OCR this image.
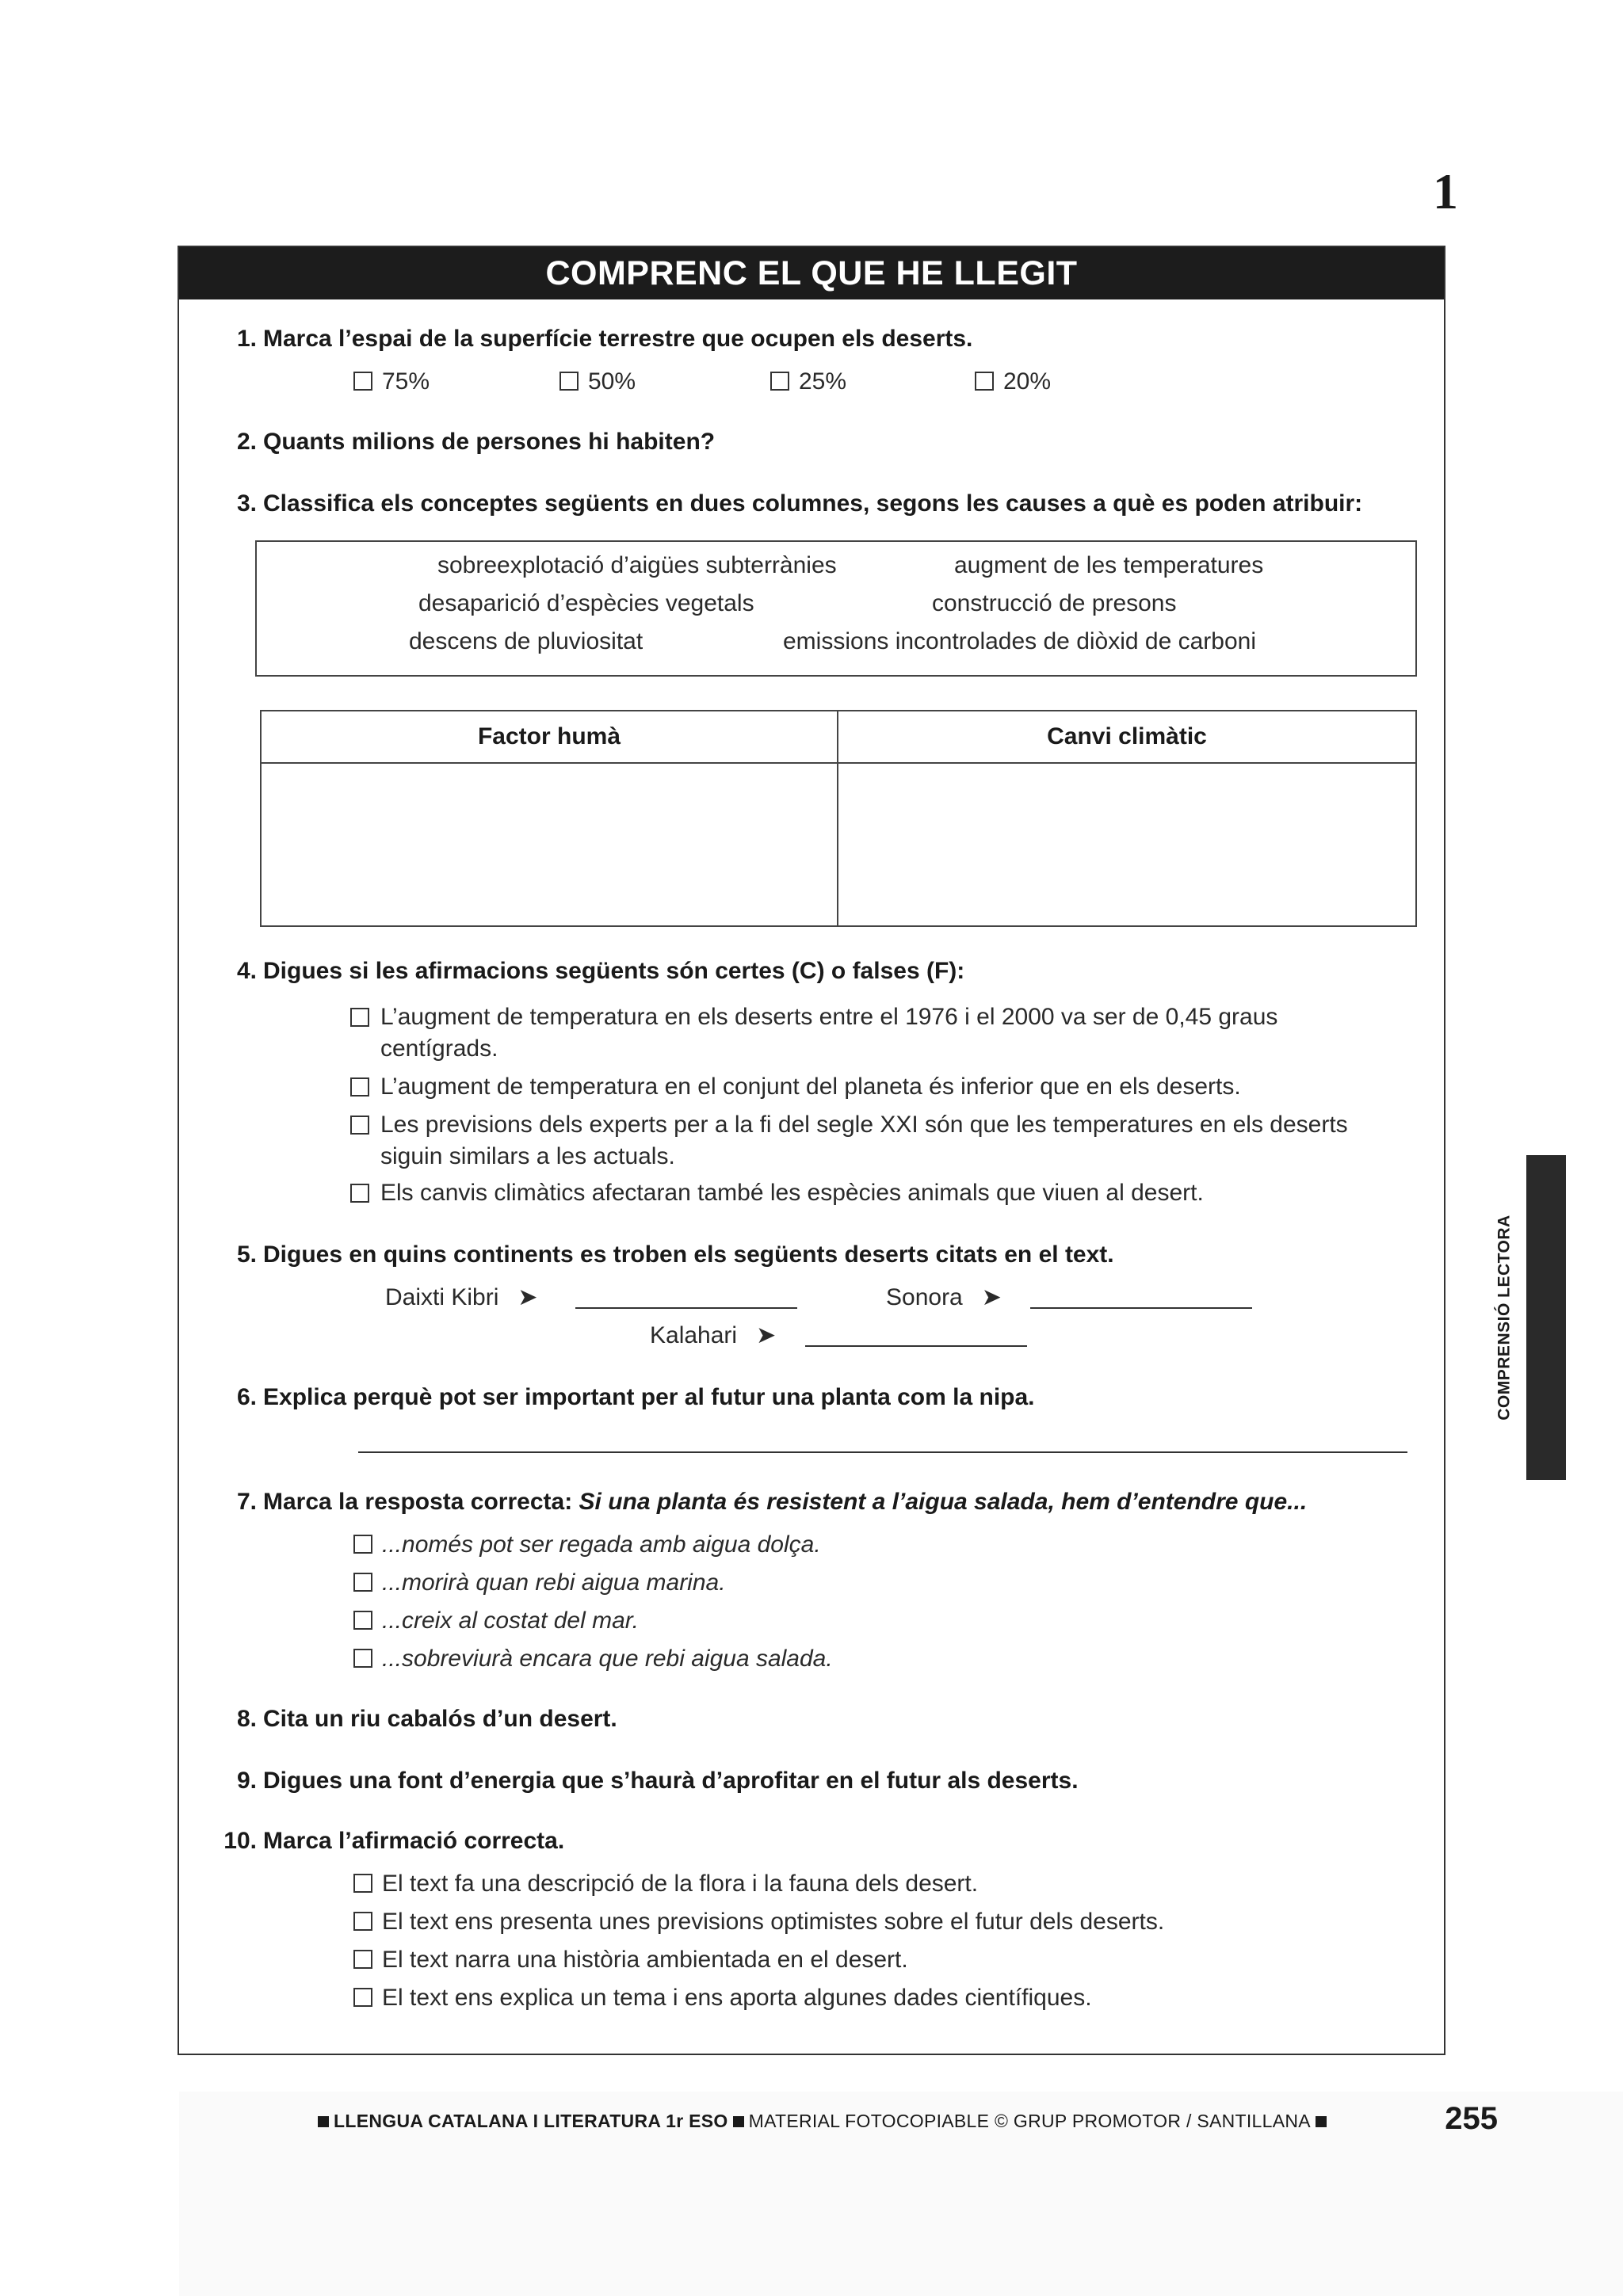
1
COMPRENC EL QUE HE LLEGIT
1. Marca l’espai de la superfície terrestre que ocupen els deserts.
75%	50%	25%	20%
2. Quants milions de persones hi habiten?
3. Classifica els conceptes següents en dues columnes, segons les causes a què es poden atribuir:
sobreexplotació d’aigües subterrànies	augment de les temperatures
desaparició d’espècies vegetals	construcció de presons
descens de pluviositat	emissions incontrolades de diòxid de carboni
Factor humà	Canvi climàtic
4. Digues si les afirmacions següents són certes (C) o falses (F):
L’augment de temperatura en els deserts entre el 1976 i el 2000 va ser de 0,45 graus centígrads.
L’augment de temperatura en el conjunt del planeta és inferior que en els deserts.
Les previsions dels experts per a la fi del segle XXI són que les temperatures en els deserts siguin similars a les actuals.
Els canvis climàtics afectaran també les espècies animals que viuen al desert.
5. Digues en quins continents es troben els següents deserts citats en el text.
Daixti Kibri ➤	Sonora ➤
Kalahari ➤
6. Explica perquè pot ser important per al futur una planta com la nipa.
7. Marca la resposta correcta: Si una planta és resistent a l’aigua salada, hem d’entendre que...
...només pot ser regada amb aigua dolça.
...morirà quan rebi aigua marina.
...creix al costat del mar.
...sobreviurà encara que rebi aigua salada.
8. Cita un riu cabalós d’un desert.
9. Digues una font d’energia que s’haurà d’aprofitar en el futur als deserts.
10. Marca l’afirmació correcta.
El text fa una descripció de la flora i la fauna dels desert.
El text ens presenta unes previsions optimistes sobre el futur dels deserts.
El text narra una història ambientada en el desert.
El text ens explica un tema i ens aporta algunes dades científiques.
COMPRENSIÓ LECTORA
LLENGUA CATALANA I LITERATURA 1r ESO MATERIAL FOTOCOPIABLE © GRUP PROMOTOR / SANTILLANA	255
